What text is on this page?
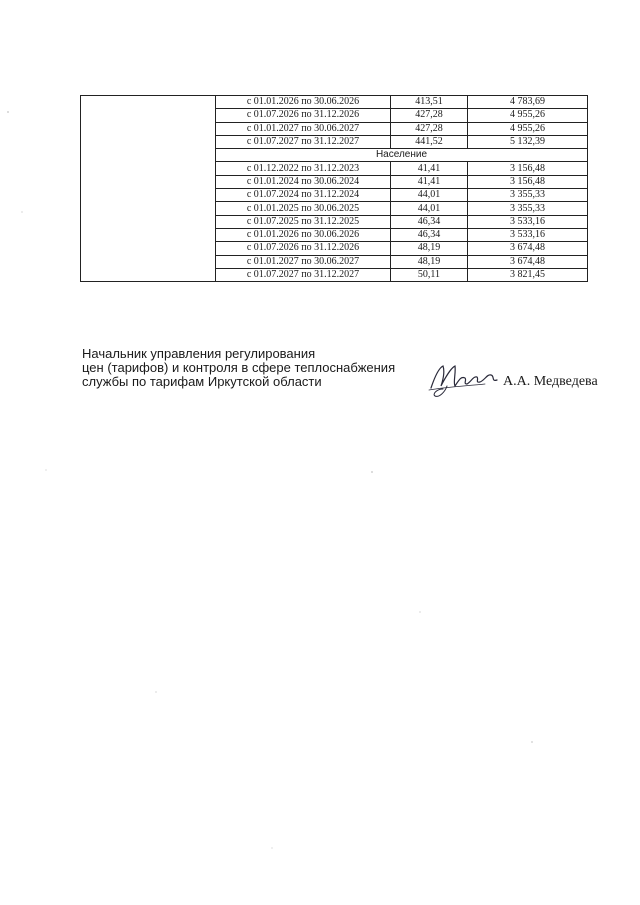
	с 01.01.2026 по 30.06.2026	413,51	4 783,69
	с 01.07.2026 по 31.12.2026	427,28	4 955,26
	с 01.01.2027 по 30.06.2027	427,28	4 955,26
	с 01.07.2027 по 31.12.2027	441,52	5 132,39
	Население		
	с 01.12.2022 по 31.12.2023	41,41	3 156,48
	с 01.01.2024 по 30.06.2024	41,41	3 156,48
	с 01.07.2024 по 31.12.2024	44,01	3 355,33
	с 01.01.2025 по 30.06.2025	44,01	3 355,33
	с 01.07.2025 по 31.12.2025	46,34	3 533,16
	с 01.01.2026 по 30.06.2026	46,34	3 533,16
	с 01.07.2026 по 31.12.2026	48,19	3 674,48
	с 01.01.2027 по 30.06.2027	48,19	3 674,48
	с 01.07.2027 по 31.12.2027	50,11	3 821,45
Начальник управления регулирования
цен (тарифов) и контроля в сфере теплоснабжения
службы по тарифам Иркутской области	А.А. Медведева
